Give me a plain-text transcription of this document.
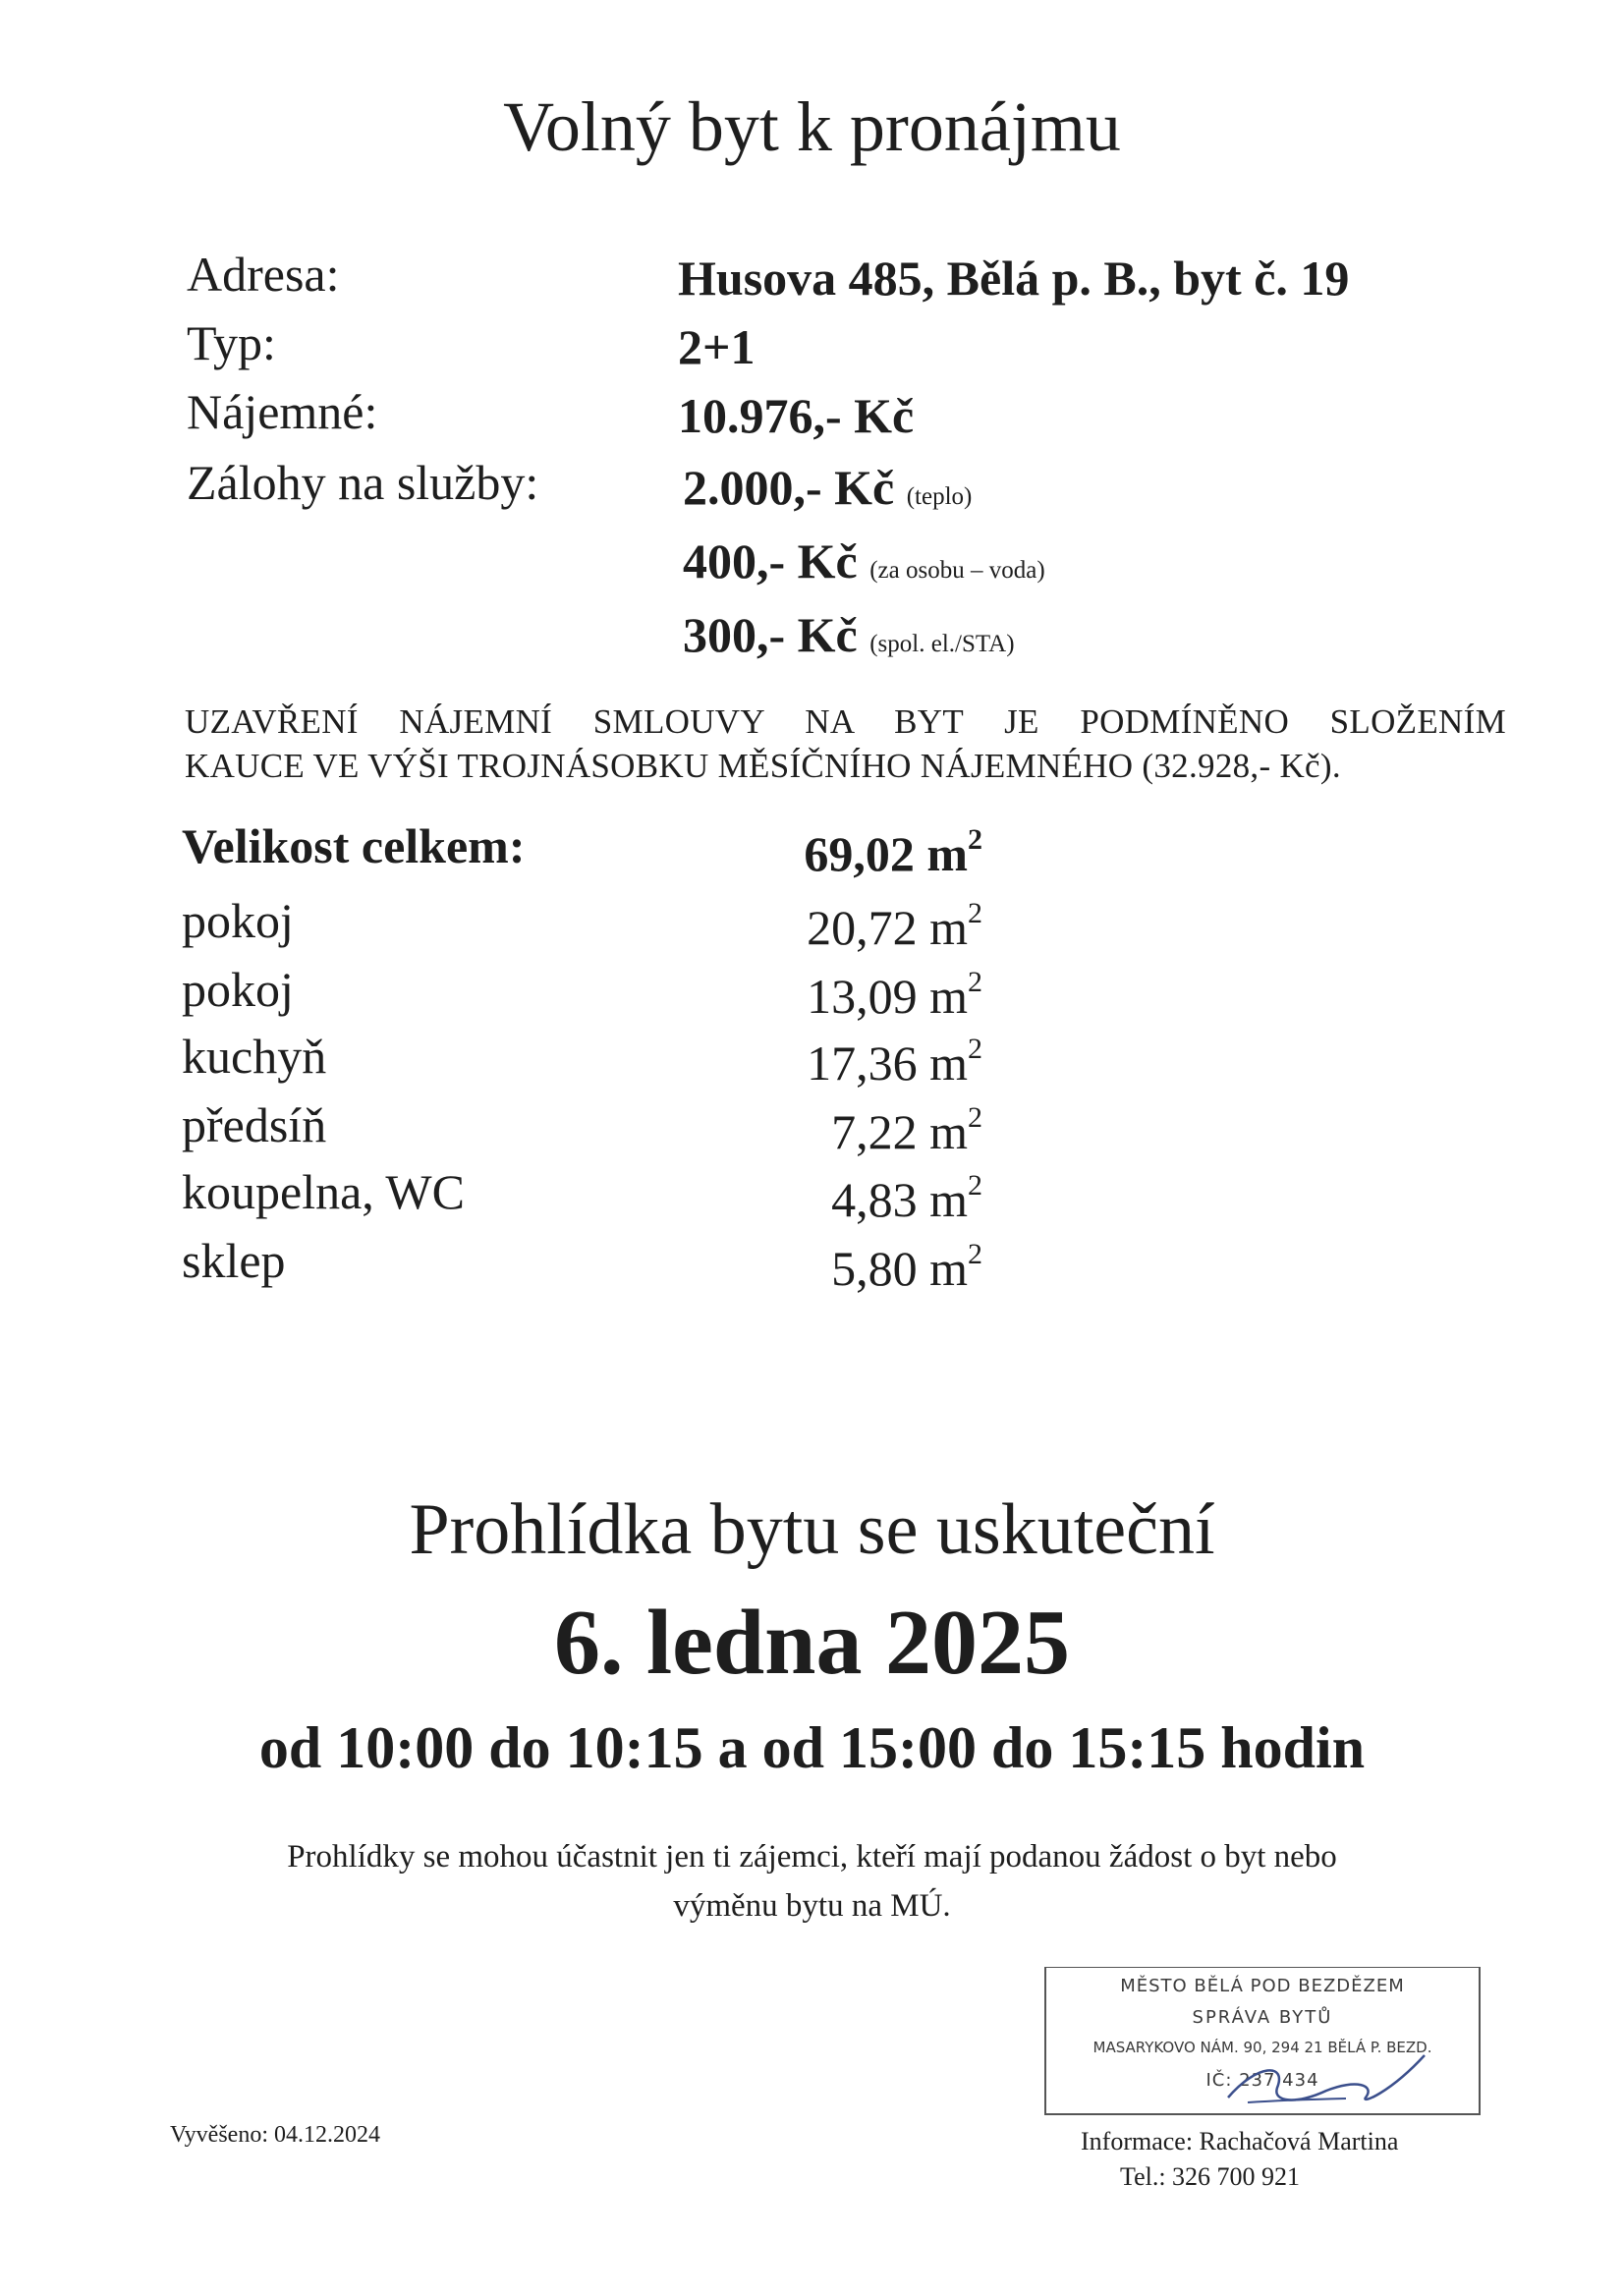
Volný byt k pronájmu
Adresa:	Husova 485, Bělá p. B., byt č. 19
Typ:	2+1
Nájemné:	10.976,- Kč
Zálohy na služby:	2.000,- Kč (teplo)
400,- Kč (za osobu – voda)
300,- Kč (spol. el./STA)
UZAVŘENÍ NÁJEMNÍ SMLOUVY NA BYT JE PODMÍNĚNO SLOŽENÍM
KAUCE VE VÝŠI TROJNÁSOBKU MĚSÍČNÍHO NÁJEMNÉHO (32.928,- Kč).
Velikost celkem:	69,02 $m^2$
pokoj	20,72 $m^2$
pokoj	13,09 $m^2$
kuchyň	17,36 $m^2$
předsíň	7,22 $m^2$
koupelna, WC	4,83 $m^2$
sklep	5,80 $m^2$
Prohlídka bytu se uskuteční
6. ledna 2025
od 10:00 do 10:15 a od 15:00 do 15:15 hodin
Prohlídky se mohou účastnit jen ti zájemci, kteří mají podanou žádost o byt nebo
výměnu bytu na MÚ.
MĚSTO BĚLÁ POD BEZDĚZEM
SPRÁVA BYTŮ
MASARYKOVO NÁM. 90, 294 21 BĚLÁ P. BEZD.
IČ: 237 434
Vyvěšeno: 04.12.2024	Informace: Rachačová Martina
Tel.: 326 700 921
